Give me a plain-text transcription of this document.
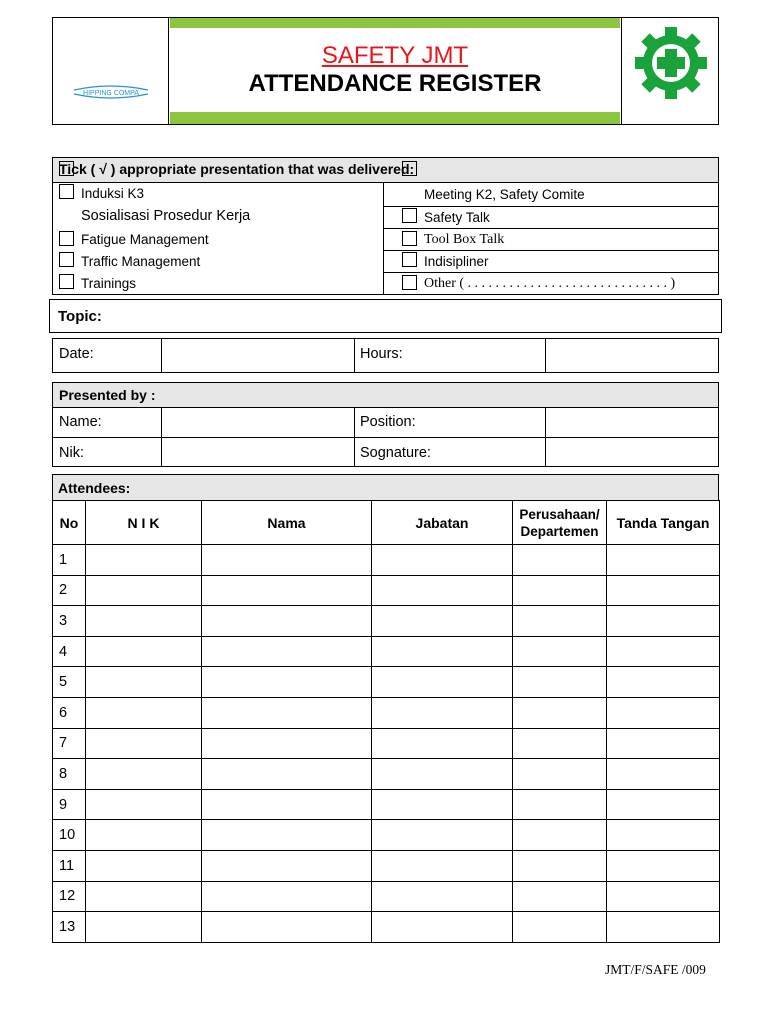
HIPPING COMPA
SAFETY JMT
ATTENDANCE REGISTER
Tick ( √ ) appropriate presentation that was delivered:
Induksi K3
Sosialisasi Prosedur Kerja
Fatigue Management
Traffic Management
Trainings
Meeting K2, Safety Comite
Safety Talk
Tool Box Talk
Indisipliner
Other ( . . . . . . . . . . . . . . . . . . . . . . . . . . . . . )
Topic:
Date:	Hours:
Presented by :
Name:	Position:
Nik:	Sognature:
Attendees:
No	N I K	Nama	Jabatan	Perusahaan/ Departemen	Tanda Tangan
1					
2					
3					
4					
5					
6					
7					
8					
9					
10					
11					
12					
13					
JMT/F/SAFE /009
